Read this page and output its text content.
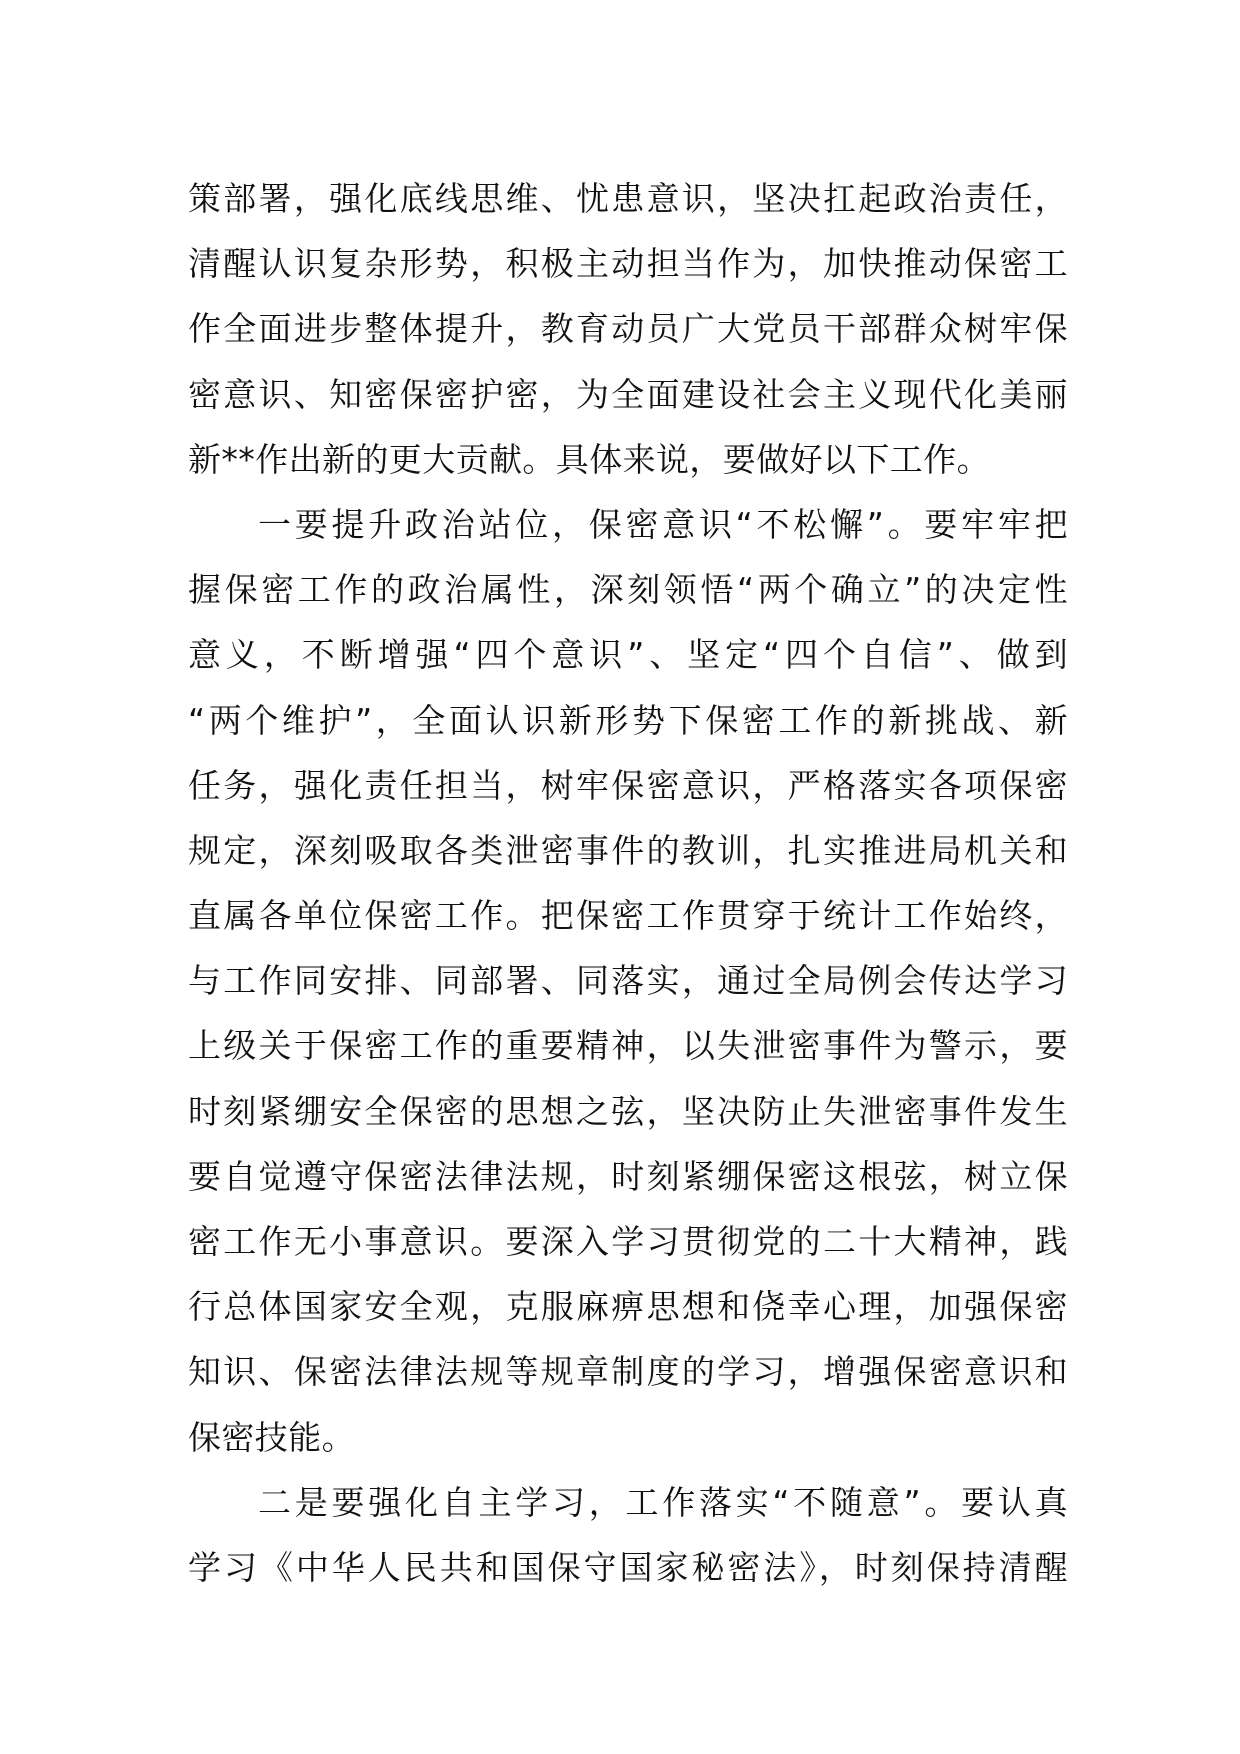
策部署，强化底线思维、忧患意识，坚决扛起政治责任，
清醒认识复杂形势，积极主动担当作为，加快推动保密工
作全面进步整体提升，教育动员广大党员干部群众树牢保
密意识、知密保密护密，为全面建设社会主义现代化美丽
新**作出新的更大贡献。具体来说，要做好以下工作。
一要提升政治站位，保密意识“不松懈”。要牢牢把
握保密工作的政治属性，深刻领悟“两个确立”的决定性
意义，不断增强“四个意识”、坚定“四个自信”、做到
“两个维护”，全面认识新形势下保密工作的新挑战、新
任务，强化责任担当，树牢保密意识，严格落实各项保密
规定，深刻吸取各类泄密事件的教训，扎实推进局机关和
直属各单位保密工作。把保密工作贯穿于统计工作始终，
与工作同安排、同部署、同落实，通过全局例会传达学习
上级关于保密工作的重要精神，以失泄密事件为警示，要
时刻紧绷安全保密的思想之弦，坚决防止失泄密事件发生
要自觉遵守保密法律法规，时刻紧绷保密这根弦，树立保
密工作无小事意识。要深入学习贯彻党的二十大精神，践
行总体国家安全观，克服麻痹思想和侥幸心理，加强保密
知识、保密法律法规等规章制度的学习，增强保密意识和
保密技能。
二是要强化自主学习，工作落实“不随意”。要认真
学习《中华人民共和国保守国家秘密法》，时刻保持清醒
